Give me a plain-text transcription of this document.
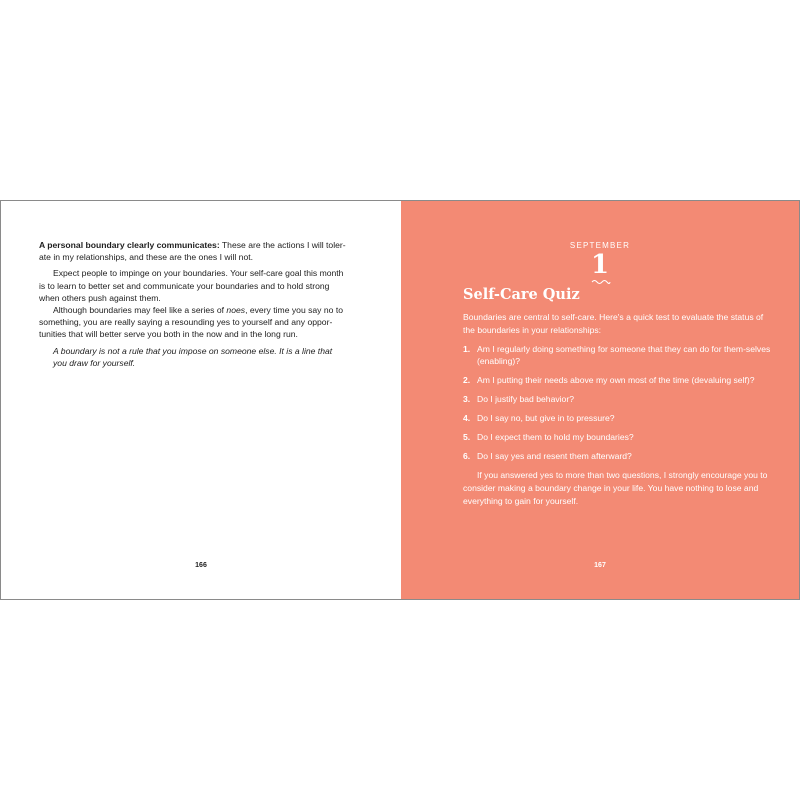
A personal boundary clearly communicates: These are the actions I will toler-ate in my relationships, and these are the ones I will not.

Expect people to impinge on your boundaries. Your self-care goal this month is to learn to better set and communicate your boundaries and to hold strong when others push against them.

Although boundaries may feel like a series of noes, every time you say no to something, you are really saying a resounding yes to yourself and any oppor-tunities that will better serve you both in the now and in the long run.

A boundary is not a rule that you impose on someone else. It is a line that you draw for yourself.

166
SEPTEMBER
1
Self-Care Quiz

Boundaries are central to self-care. Here's a quick test to evaluate the status of the boundaries in your relationships:

1. Am I regularly doing something for someone that they can do for them-selves (enabling)?
2. Am I putting their needs above my own most of the time (devaluing self)?
3. Do I justify bad behavior?
4. Do I say no, but give in to pressure?
5. Do I expect them to hold my boundaries?
6. Do I say yes and resent them afterward?

If you answered yes to more than two questions, I strongly encourage you to consider making a boundary change in your life. You have nothing to lose and everything to gain for yourself.

167
